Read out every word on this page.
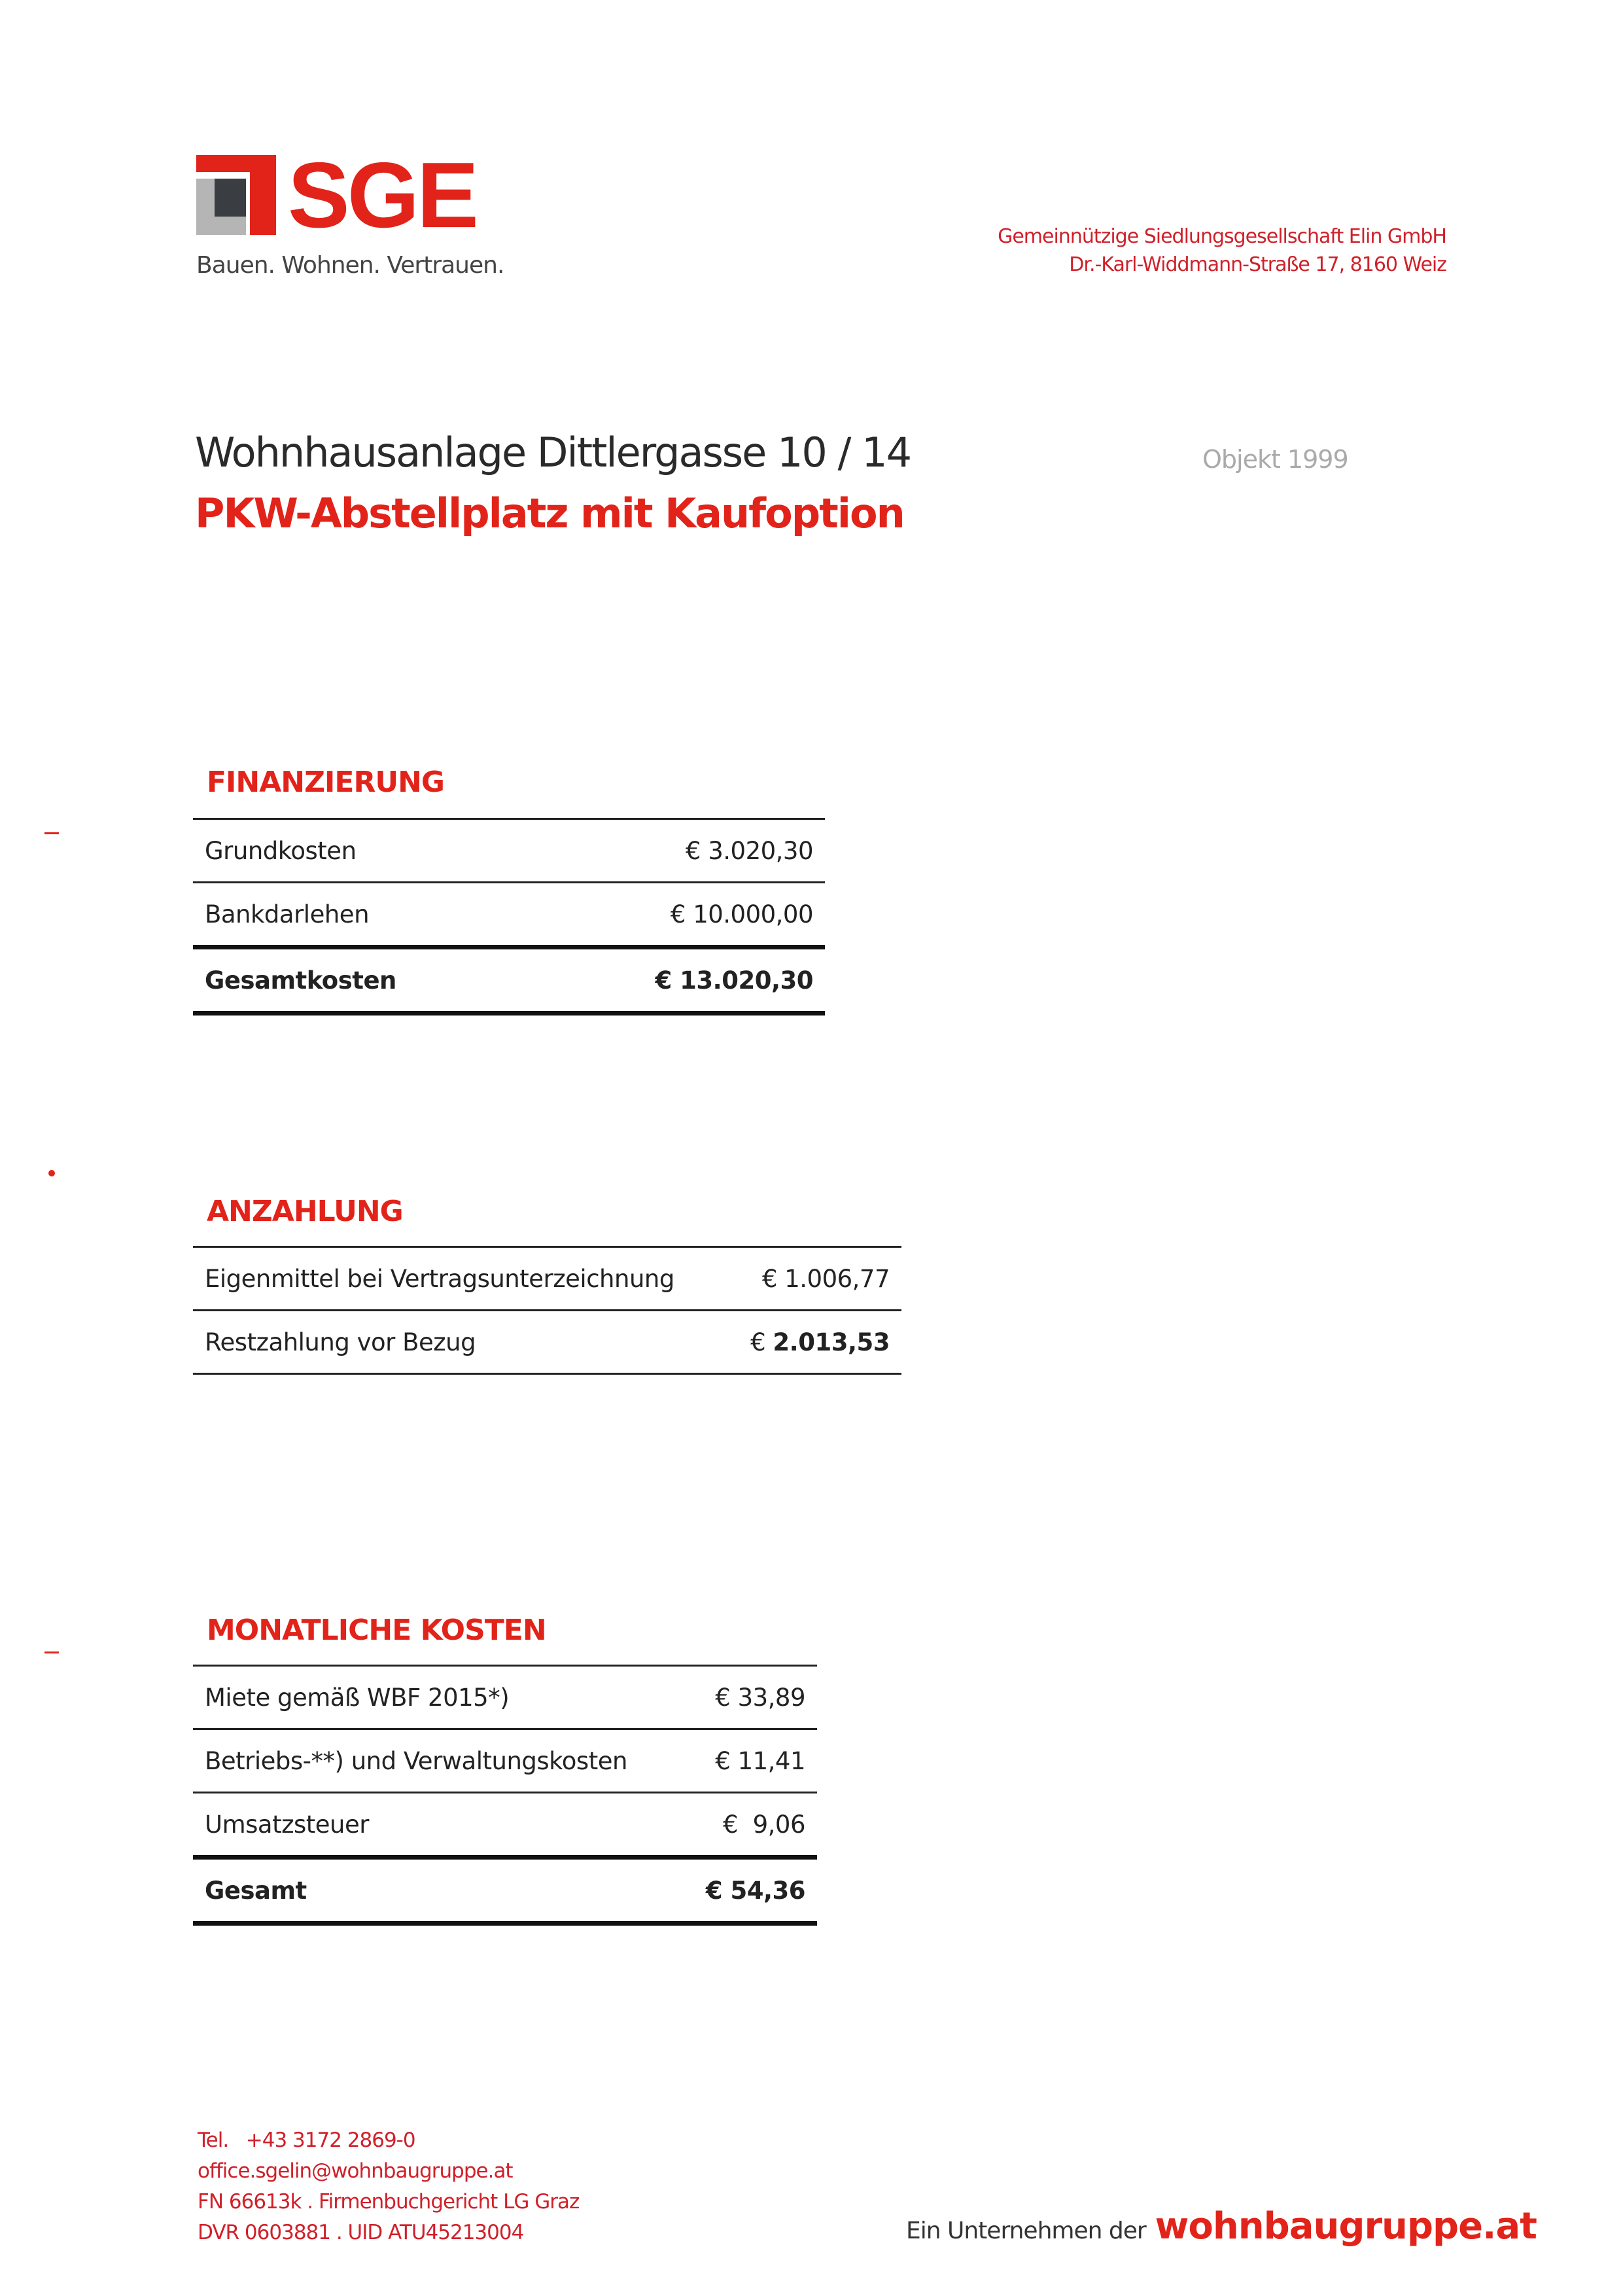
SGE
Bauen. Wohnen. Vertrauen.
Gemeinnützige Siedlungsgesellschaft Elin GmbH
Dr.-Karl-Widdmann-Straße 17, 8160 Weiz
Wohnhausanlage Dittlergasse 10 / 14
PKW-Abstellplatz mit Kaufoption
Objekt 1999
FINANZIERUNG
Grundkosten	€ 3.020,30
Bankdarlehen	€ 10.000,00
Gesamtkosten	€ 13.020,30
ANZAHLUNG
Eigenmittel bei Vertragsunterzeichnung	€ 1.006,77
Restzahlung vor Bezug	€ 2.013,53
MONATLICHE KOSTEN
Miete gemäß WBF 2015*)	€ 33,89
Betriebs-**) und Verwaltungskosten	€ 11,41
Umsatzsteuer	€  9,06
Gesamt	€ 54,36
Tel.   +43 3172 2869-0
office.sgelin@wohnbaugruppe.at
FN 66613k . Firmenbuchgericht LG Graz
DVR 0603881 . UID ATU45213004	Ein Unternehmen der wohnbaugruppe.at
